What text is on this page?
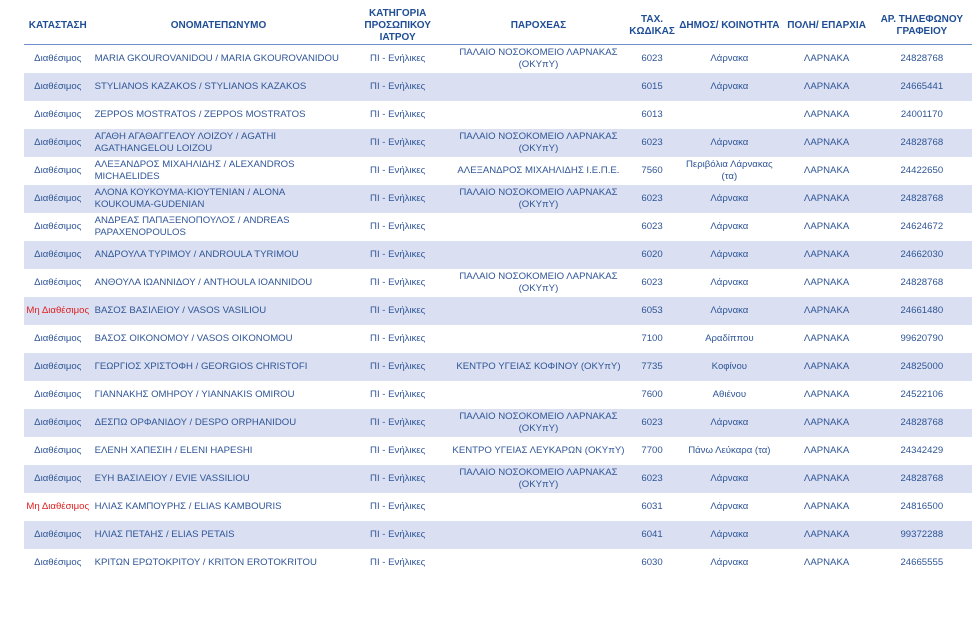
ΚΑΤΑΣΤΑΣΗ	ΟΝΟΜΑΤΕΠΩΝΥΜΟ	ΚΑΤΗΓΟΡΙΑ ΠΡΟΣΩΠΙΚΟΥ ΙΑΤΡΟΥ	ΠΑΡΟΧΕΑΣ	ΤΑΧ. ΚΩΔΙΚΑΣ	ΔΗΜΟΣ/ ΚΟΙΝΟΤΗΤΑ	ΠΟΛΗ/ ΕΠΑΡΧΙΑ	ΑΡ. ΤΗΛΕΦΩΝΟΥ ΓΡΑΦΕΙΟΥ
Διαθέσιμος	MARIA GKOUROVANIDOU / MARIA GKOUROVANIDOU	ΠΙ - Ενήλικες	ΠΑΛΑΙΟ ΝΟΣΟΚΟΜΕΙΟ ΛΑΡΝΑΚΑΣ (ΟΚΥπΥ)	6023	Λάρνακα	ΛΑΡΝΑΚΑ	24828768
Διαθέσιμος	STYLIANOS KAZAKOS / STYLIANOS KAZAKOS	ΠΙ - Ενήλικες		6015	Λάρνακα	ΛΑΡΝΑΚΑ	24665441
Διαθέσιμος	ZEPPOS MOSTRATOS / ZEPPOS MOSTRATOS	ΠΙ - Ενήλικες		6013		ΛΑΡΝΑΚΑ	24001170
Διαθέσιμος	ΑΓΑΘΗ ΑΓΑΘΑΓΓΕΛΟΥ ΛΟΙΖΟΥ / AGATHI AGATHANGELOU LOIZOU	ΠΙ - Ενήλικες	ΠΑΛΑΙΟ ΝΟΣΟΚΟΜΕΙΟ ΛΑΡΝΑΚΑΣ (ΟΚΥπΥ)	6023	Λάρνακα	ΛΑΡΝΑΚΑ	24828768
Διαθέσιμος	ΑΛΕΞΑΝΔΡΟΣ ΜΙΧΑΗΛΙΔΗΣ / ALEXANDROS MICHAELIDES	ΠΙ - Ενήλικες	ΑΛΕΞΑΝΔΡΟΣ ΜΙΧΑΗΛΙΔΗΣ Ι.Ε.Π.Ε.	7560	Περιβόλια Λάρνακας (τα)	ΛΑΡΝΑΚΑ	24422650
Διαθέσιμος	ΑΛΟΝΑ ΚΟΥΚΟΥΜΑ-ΚΙΟΥΤΕΝΙΑΝ / ALONA KOUKOUMA-GUDENIAN	ΠΙ - Ενήλικες	ΠΑΛΑΙΟ ΝΟΣΟΚΟΜΕΙΟ ΛΑΡΝΑΚΑΣ (ΟΚΥπΥ)	6023	Λάρνακα	ΛΑΡΝΑΚΑ	24828768
Διαθέσιμος	ΑΝΔΡΕΑΣ ΠΑΠΑΞΕΝΟΠΟΥΛΟΣ / ANDREAS PAPAXENOPOULOS	ΠΙ - Ενήλικες		6023	Λάρνακα	ΛΑΡΝΑΚΑ	24624672
Διαθέσιμος	ΑΝΔΡΟΥΛΑ ΤΥΡΙΜΟΥ / ANDROULA TYRIMOU	ΠΙ - Ενήλικες		6020	Λάρνακα	ΛΑΡΝΑΚΑ	24662030
Διαθέσιμος	ΑΝΘΟΥΛΑ ΙΩΑΝΝΙΔΟΥ / ANTHOULA IOANNIDOU	ΠΙ - Ενήλικες	ΠΑΛΑΙΟ ΝΟΣΟΚΟΜΕΙΟ ΛΑΡΝΑΚΑΣ (ΟΚΥπΥ)	6023	Λάρνακα	ΛΑΡΝΑΚΑ	24828768
Μη Διαθέσιμος	ΒΑΣΟΣ ΒΑΣΙΛΕΙΟΥ / VASOS VASILIOU	ΠΙ - Ενήλικες		6053	Λάρνακα	ΛΑΡΝΑΚΑ	24661480
Διαθέσιμος	ΒΑΣΟΣ ΟΙΚΟΝΟΜΟΥ / VASOS OIKONOMOU	ΠΙ - Ενήλικες		7100	Αραδίππου	ΛΑΡΝΑΚΑ	99620790
Διαθέσιμος	ΓΕΩΡΓΙΟΣ ΧΡΙΣΤΟΦΗ / GEORGIOS CHRISTOFI	ΠΙ - Ενήλικες	ΚΕΝΤΡΟ ΥΓΕΙΑΣ ΚΟΦΙΝΟΥ (ΟΚΥπΥ)	7735	Κοφίνου	ΛΑΡΝΑΚΑ	24825000
Διαθέσιμος	ΓΙΑΝΝΑΚΗΣ ΟΜΗΡΟΥ / YIANNAKIS OMIROU	ΠΙ - Ενήλικες		7600	Αθιένου	ΛΑΡΝΑΚΑ	24522106
Διαθέσιμος	ΔΕΣΠΩ ΟΡΦΑΝΙΔΟΥ / DESPO ORPHANIDOU	ΠΙ - Ενήλικες	ΠΑΛΑΙΟ ΝΟΣΟΚΟΜΕΙΟ ΛΑΡΝΑΚΑΣ (ΟΚΥπΥ)	6023	Λάρνακα	ΛΑΡΝΑΚΑ	24828768
Διαθέσιμος	ΕΛΕΝΗ ΧΑΠΕΣΙΗ / ELENI HAPESHI	ΠΙ - Ενήλικες	ΚΕΝΤΡΟ ΥΓΕΙΑΣ ΛΕΥΚΑΡΩΝ (ΟΚΥπΥ)	7700	Πάνω Λεύκαρα (τα)	ΛΑΡΝΑΚΑ	24342429
Διαθέσιμος	ΕΥΗ ΒΑΣΙΛΕΙΟΥ / EVIE VASSILIOU	ΠΙ - Ενήλικες	ΠΑΛΑΙΟ ΝΟΣΟΚΟΜΕΙΟ ΛΑΡΝΑΚΑΣ (ΟΚΥπΥ)	6023	Λάρνακα	ΛΑΡΝΑΚΑ	24828768
Μη Διαθέσιμος	ΗΛΙΑΣ ΚΑΜΠΟΥΡΗΣ / ELIAS KAMBOURIS	ΠΙ - Ενήλικες		6031	Λάρνακα	ΛΑΡΝΑΚΑ	24816500
Διαθέσιμος	ΗΛΙΑΣ ΠΕΤΑΗΣ / ELIAS PETAIS	ΠΙ - Ενήλικες		6041	Λάρνακα	ΛΑΡΝΑΚΑ	99372288
Διαθέσιμος	ΚΡΙΤΩΝ ΕΡΩΤΟΚΡΙΤΟΥ / KRITON EROTOKRITOU	ΠΙ - Ενήλικες		6030	Λάρνακα	ΛΑΡΝΑΚΑ	24665555
